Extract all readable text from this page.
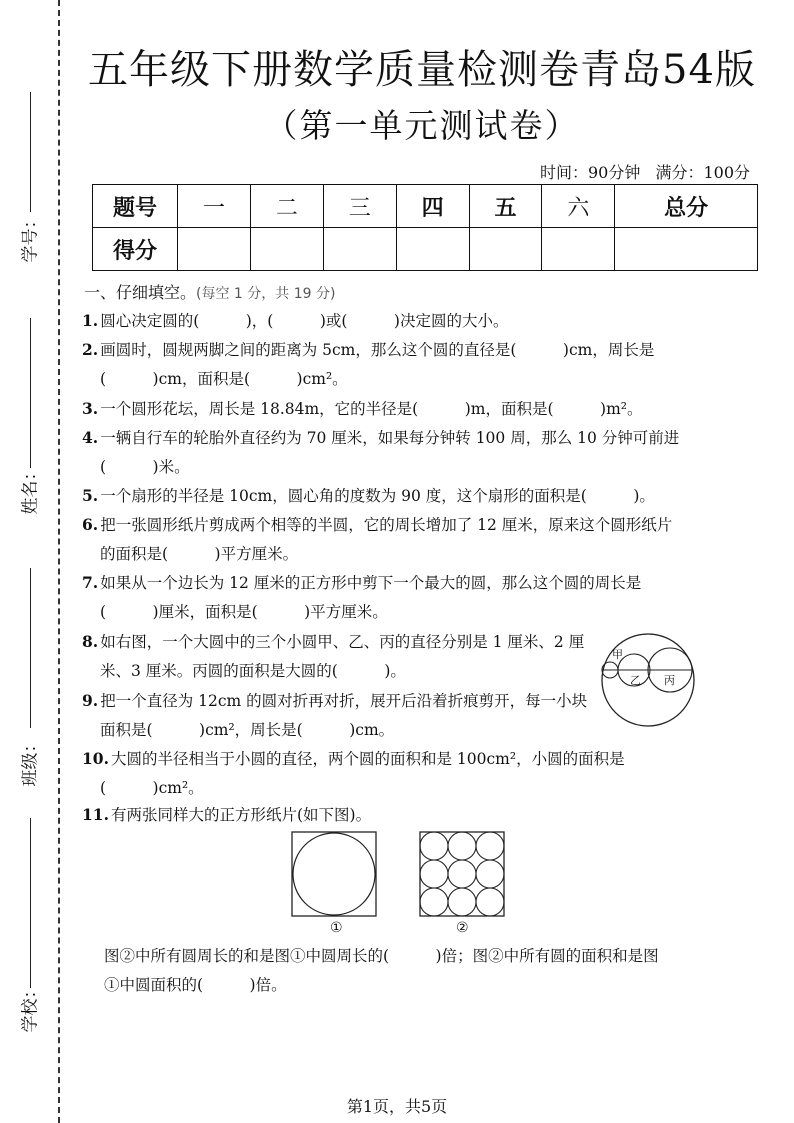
学号：
姓名：
班级：
学校：
五年级下册数学质量检测卷青岛54版
（第一单元测试卷）
时间：90分钟 满分：100分
题号	一	二	三	四	五	六	总分
得分							
一、仔细填空。(每空 1 分，共 19 分)
1. 圆心决定圆的(　　　)，(　　　)或(　　　)决定圆的大小。
2. 画圆时，圆规两脚之间的距离为 5cm，那么这个圆的直径是(　　　)cm，周长是
(　　　)cm，面积是(　　　)cm²。
3. 一个圆形花坛，周长是 18.84m，它的半径是(　　　)m，面积是(　　　)m²。
4. 一辆自行车的轮胎外直径约为 70 厘米，如果每分钟转 100 周，那么 10 分钟可前进
(　　　)米。
5. 一个扇形的半径是 10cm，圆心角的度数为 90 度，这个扇形的面积是(　　　)。
6. 把一张圆形纸片剪成两个相等的半圆，它的周长增加了 12 厘米，原来这个圆形纸片
的面积是(　　　)平方厘米。
7. 如果从一个边长为 12 厘米的正方形中剪下一个最大的圆，那么这个圆的周长是
(　　　)厘米，面积是(　　　)平方厘米。
8. 如右图，一个大圆中的三个小圆甲、乙、丙的直径分别是 1 厘米、2 厘
米、3 厘米。丙圆的面积是大圆的(　　　)。
9. 把一个直径为 12cm 的圆对折再对折，展开后沿着折痕剪开，每一小块
面积是(　　　)cm²，周长是(　　　)cm。
10. 大圆的半径相当于小圆的直径，两个圆的面积和是 100cm²，小圆的面积是
(　　　)cm²。
11. 有两张同样大的正方形纸片(如下图)。
甲
乙 丙
①	②
图②中所有圆周长的和是图①中圆周长的(　　　)倍；图②中所有圆的面积和是图
①中圆面积的(　　　)倍。
第1页，共5页
